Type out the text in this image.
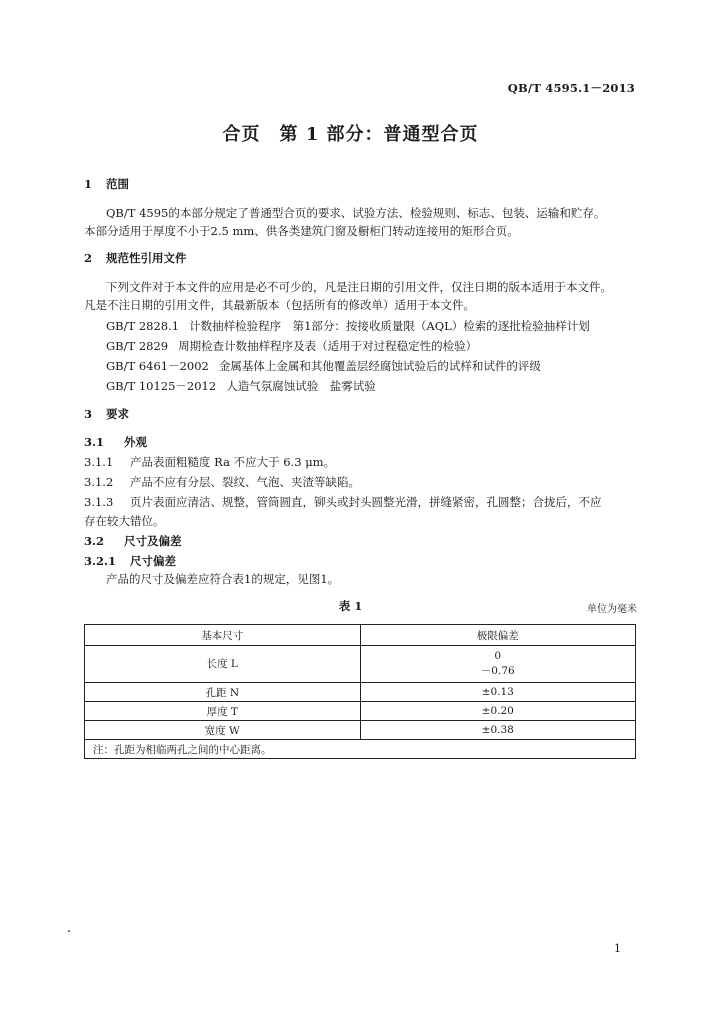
QB/T 4595.1－2013
合页　第 1 部分：普通型合页
1 范围
QB/T 4595的本部分规定了普通型合页的要求、试验方法、检验规则、标志、包装、运输和贮存。
本部分适用于厚度不小于2.5 mm、供各类建筑门窗及橱柜门转动连接用的矩形合页。
2 规范性引用文件
下列文件对于本文件的应用是必不可少的，凡是注日期的引用文件，仅注日期的版本适用于本文件。
凡是不注日期的引用文件，其最新版本（包括所有的修改单）适用于本文件。
GB/T 2828.1 计数抽样检验程序　第1部分：按接收质量限（AQL）检索的逐批检验抽样计划
GB/T 2829 周期检查计数抽样程序及表（适用于对过程稳定性的检验）
GB/T 6461－2002 金属基体上金属和其他覆盖层经腐蚀试验后的试样和试件的评级
GB/T 10125－2012 人造气氛腐蚀试验　盐雾试验
3 要求
3.1 外观
3.1.1 产品表面粗糙度 Ra 不应大于 6.3 μm。
3.1.2 产品不应有分层、裂纹、气泡、夹渣等缺陷。
3.1.3 页片表面应清洁、规整，管筒圆直，铆头或封头圆整光滑，拼缝紧密，孔圆整；合拢后，不应
存在较大错位。
3.2 尺寸及偏差
3.2.1 尺寸偏差
产品的尺寸及偏差应符合表1的规定，见图1。
表 1	单位为毫米
基本尺寸	极限偏差
长度 L	0
－0.76

孔距 N	±0.13
厚度 T	±0.20
宽度 W	±0.38
注：孔距为相临两孔之间的中心距离。	
1
